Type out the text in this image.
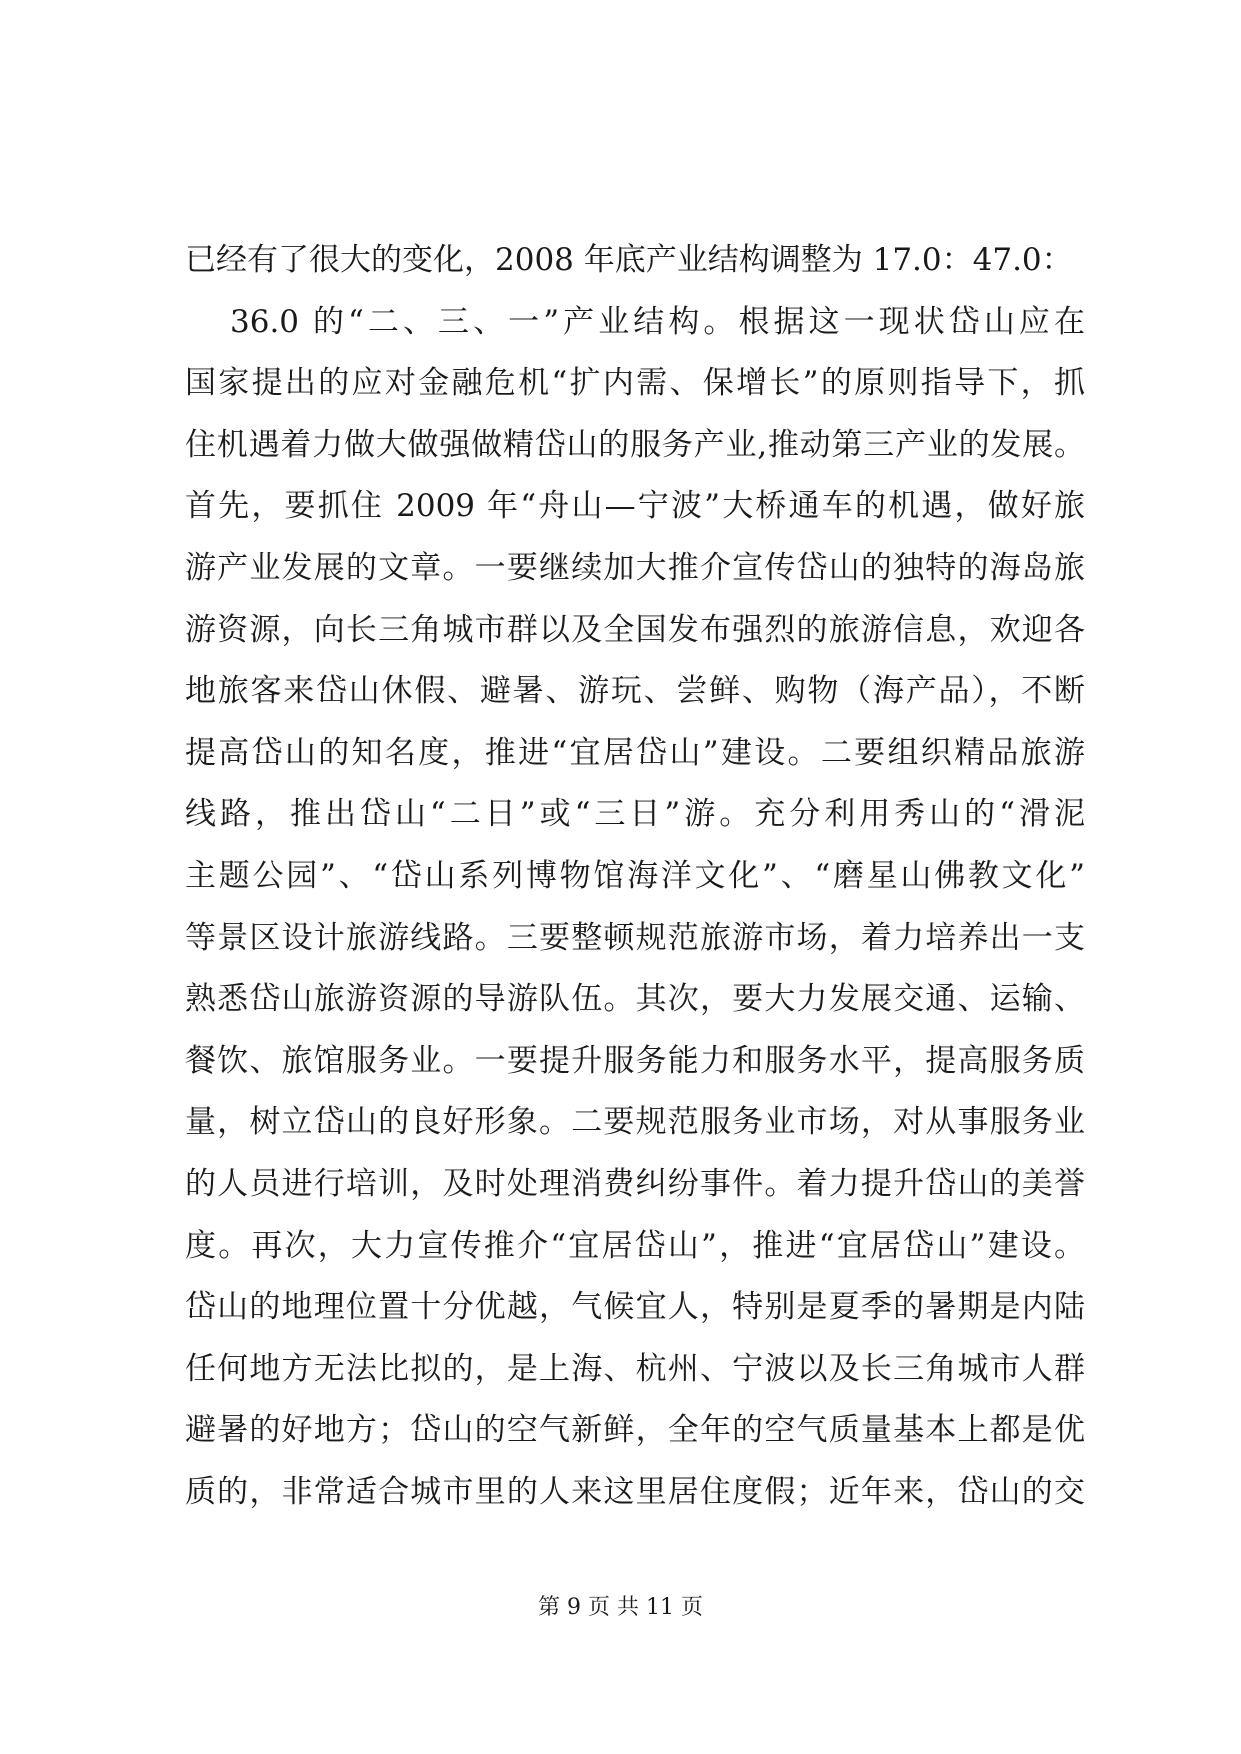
已经有了很大的变化，2008 年底产业结构调整为 17.0：47.0：
36.0 的“二、三、一”产业结构。根据这一现状岱山应在
国家提出的应对金融危机“扩内需、保增长”的原则指导下，抓
住机遇着力做大做强做精岱山的服务产业,推动第三产业的发展。
首先，要抓住 2009 年“舟山—宁波”大桥通车的机遇，做好旅
游产业发展的文章。一要继续加大推介宣传岱山的独特的海岛旅
游资源，向长三角城市群以及全国发布强烈的旅游信息，欢迎各
地旅客来岱山休假、避暑、游玩、尝鲜、购物（海产品），不断
提高岱山的知名度，推进“宜居岱山”建设。二要组织精品旅游
线路，推出岱山“二日”或“三日”游。充分利用秀山的“滑泥
主题公园”、“岱山系列博物馆海洋文化”、“磨星山佛教文化”
等景区设计旅游线路。三要整顿规范旅游市场，着力培养出一支
熟悉岱山旅游资源的导游队伍。其次，要大力发展交通、运输、
餐饮、旅馆服务业。一要提升服务能力和服务水平，提高服务质
量，树立岱山的良好形象。二要规范服务业市场，对从事服务业
的人员进行培训，及时处理消费纠纷事件。着力提升岱山的美誉
度。再次，大力宣传推介“宜居岱山”，推进“宜居岱山”建设。
岱山的地理位置十分优越，气候宜人，特别是夏季的暑期是内陆
任何地方无法比拟的，是上海、杭州、宁波以及长三角城市人群
避暑的好地方；岱山的空气新鲜，全年的空气质量基本上都是优
质的，非常适合城市里的人来这里居住度假；近年来，岱山的交
第 9 页 共 11 页
